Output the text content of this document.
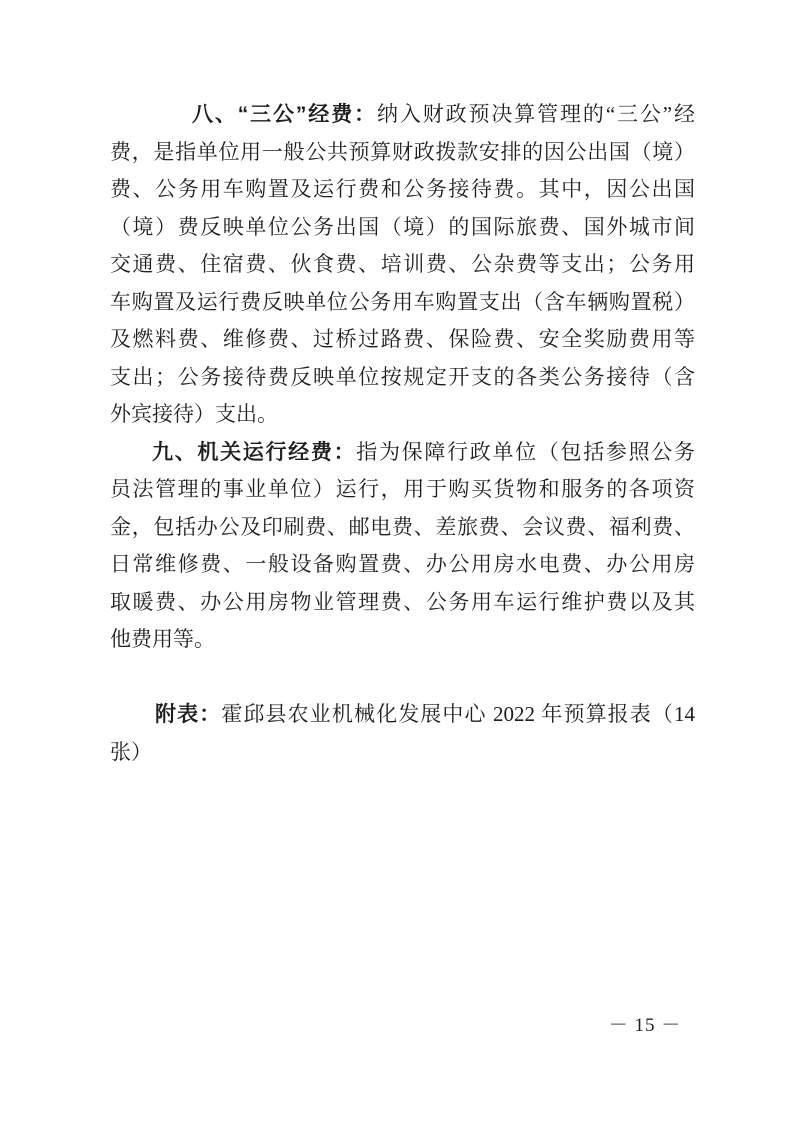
八、“三公”经费：纳入财政预决算管理的“三公”经
费，是指单位用一般公共预算财政拨款安排的因公出国（境）
费、公务用车购置及运行费和公务接待费。其中，因公出国
（境）费反映单位公务出国（境）的国际旅费、国外城市间
交通费、住宿费、伙食费、培训费、公杂费等支出；公务用
车购置及运行费反映单位公务用车购置支出（含车辆购置税）
及燃料费、维修费、过桥过路费、保险费、安全奖励费用等
支出；公务接待费反映单位按规定开支的各类公务接待（含
外宾接待）支出。
九、机关运行经费：指为保障行政单位（包括参照公务
员法管理的事业单位）运行，用于购买货物和服务的各项资
金，包括办公及印刷费、邮电费、差旅费、会议费、福利费、
日常维修费、一般设备购置费、办公用房水电费、办公用房
取暖费、办公用房物业管理费、公务用车运行维护费以及其
他费用等。
附表：霍邱县农业机械化发展中心 2022 年预算报表（14
张）
－ 15 －
